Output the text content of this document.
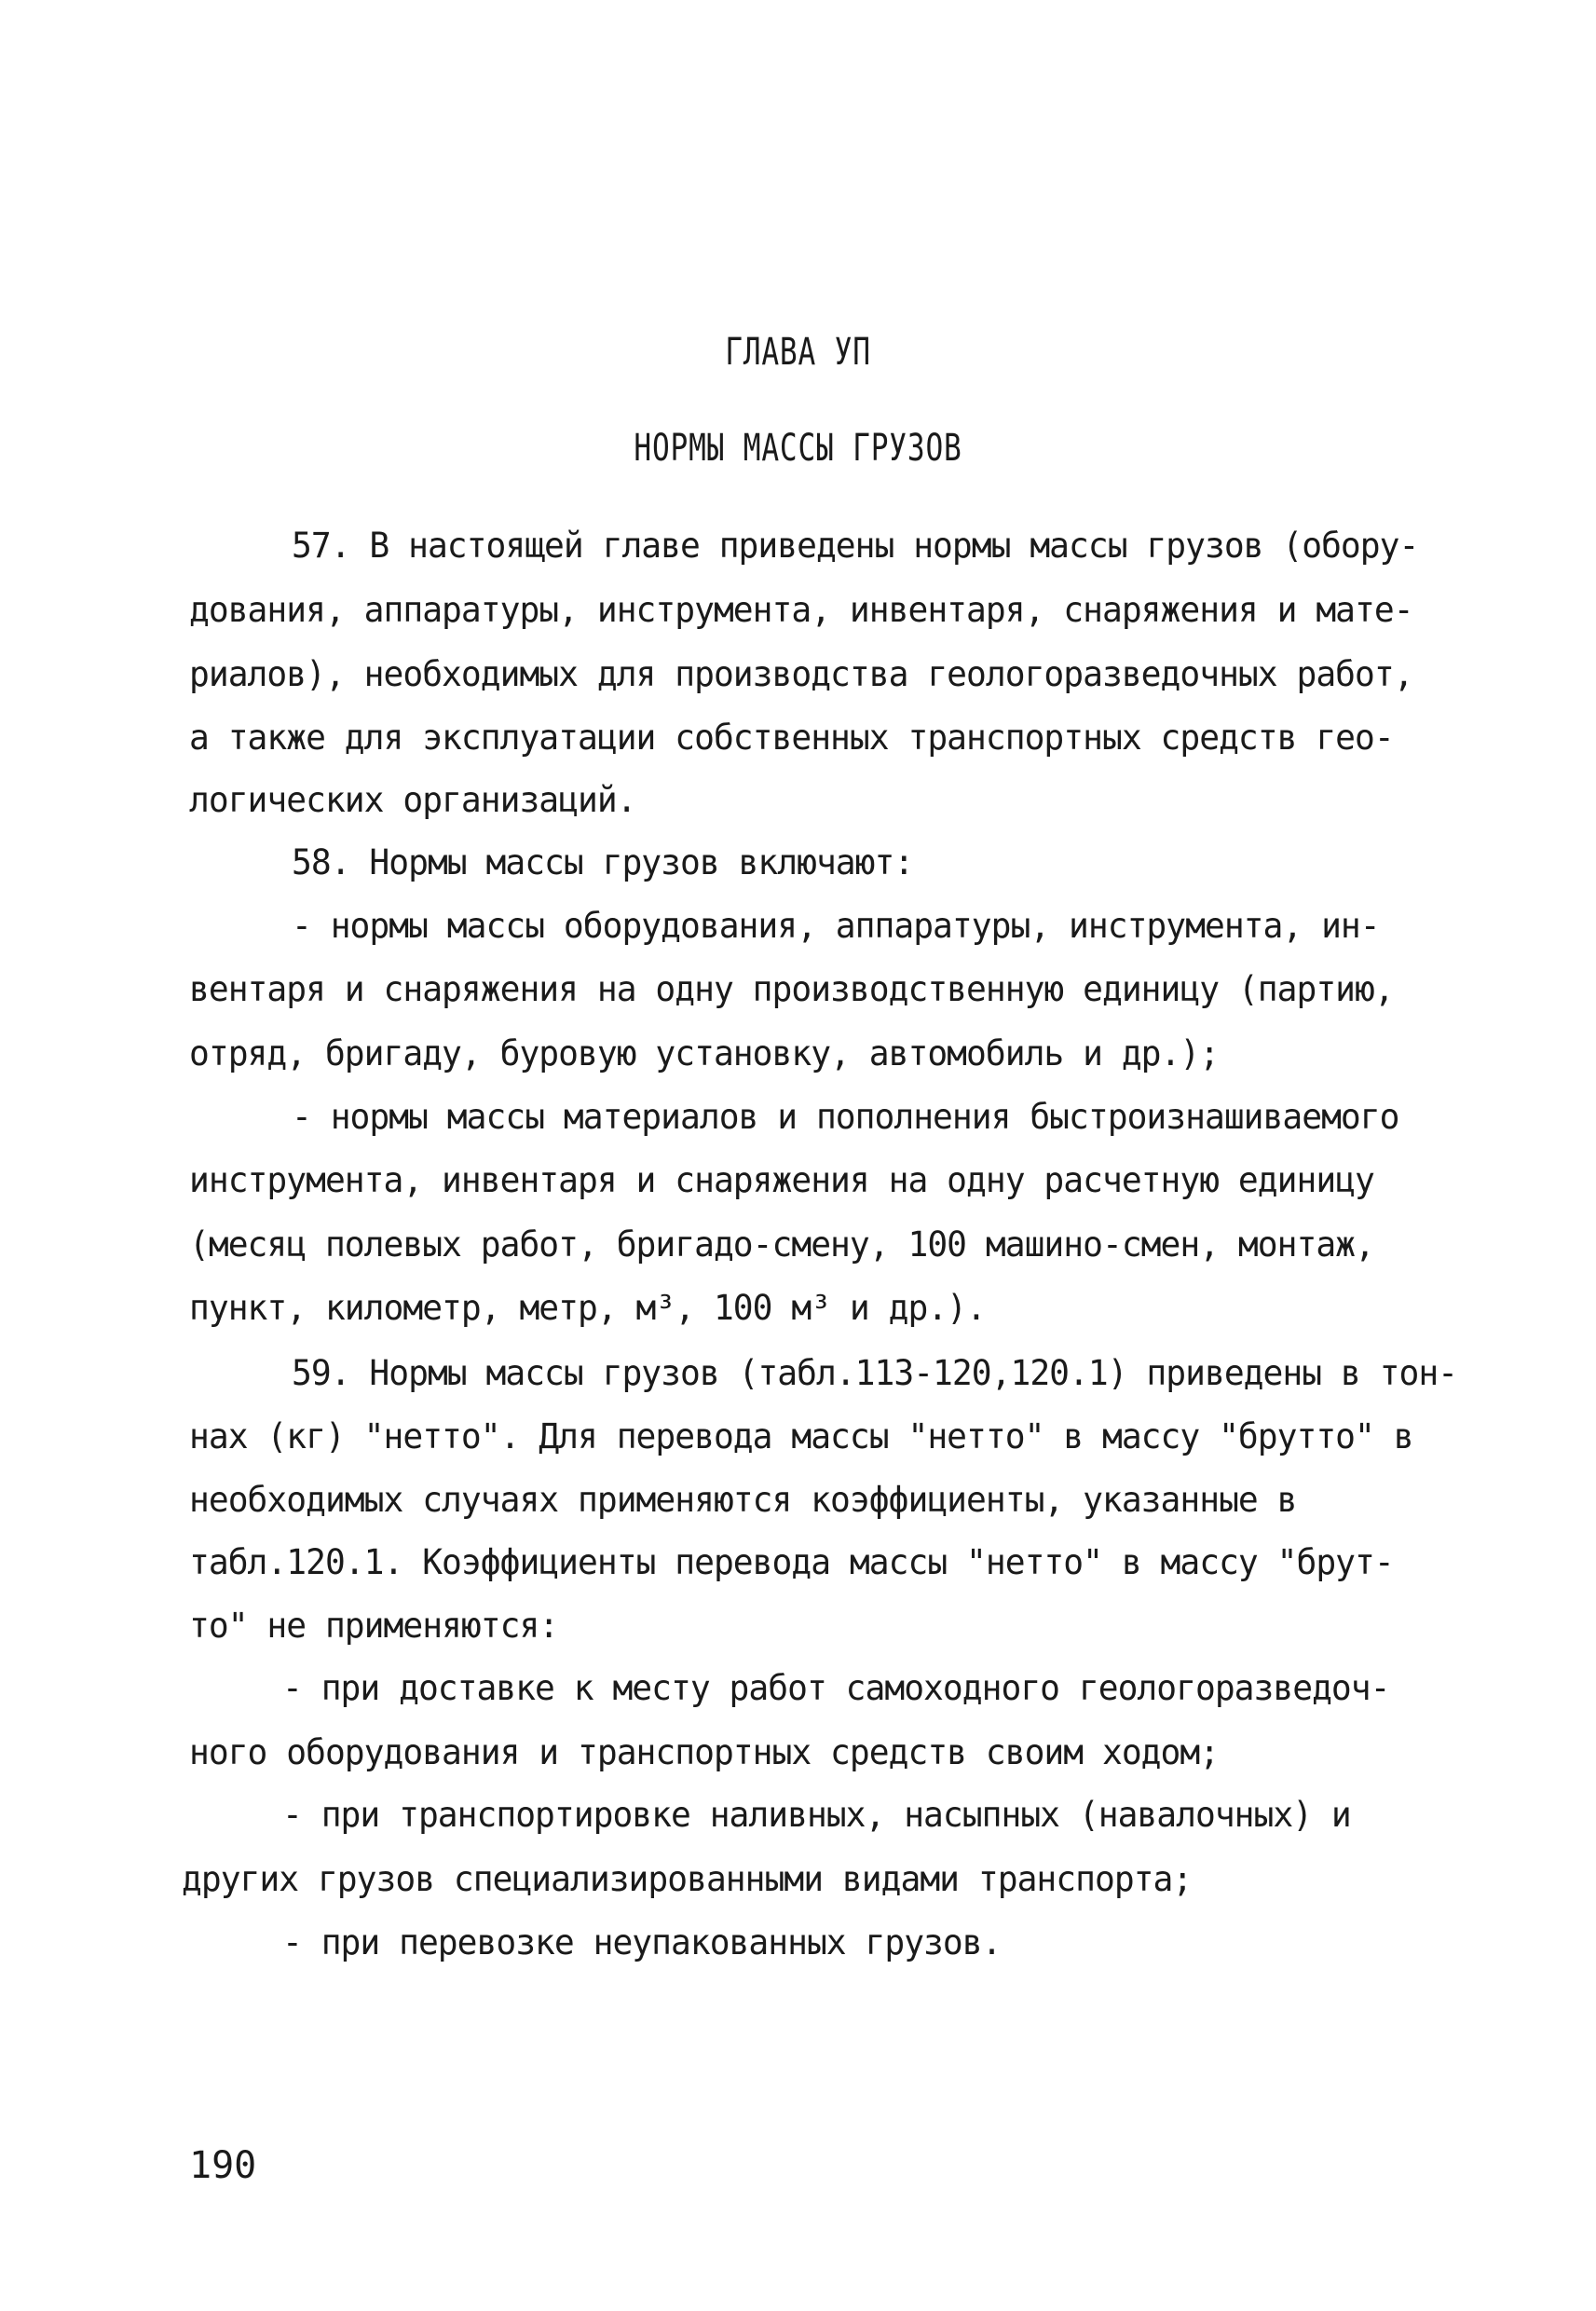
ГЛАВА УП
НОРМЫ МАССЫ ГРУЗОВ
57. В настоящей главе приведены нормы массы грузов (обору-
дования, аппаратуры, инструмента, инвентаря, снаряжения и мате-
риалов), необходимых для производства геологоразведочных работ,
а также для эксплуатации собственных транспортных средств гео-
логических организаций.
58. Нормы массы грузов включают:
- нормы массы оборудования, аппаратуры, инструмента, ин-
вентаря и снаряжения на одну производственную единицу (партию,
отряд, бригаду, буровую установку, автомобиль и др.);
- нормы массы материалов и пополнения быстроизнашиваемого
инструмента, инвентаря и снаряжения на одну расчетную единицу
(месяц полевых работ, бригадо-смену, 100 машино-смен, монтаж,
пункт, километр, метр, м³, 100 м³ и др.).
59. Нормы массы грузов (табл.113-120,120.1) приведены в тон-
нах (кг) "нетто". Для перевода массы "нетто" в массу "брутто" в
необходимых случаях применяются коэффициенты, указанные в
табл.120.1. Коэффициенты перевода массы "нетто" в массу "брут-
то" не применяются:
- при доставке к месту работ самоходного геологоразведоч-
ного оборудования и транспортных средств своим ходом;
- при транспортировке наливных, насыпных (навалочных) и
других грузов специализированными видами транспорта;
- при перевозке неупакованных грузов.
190
